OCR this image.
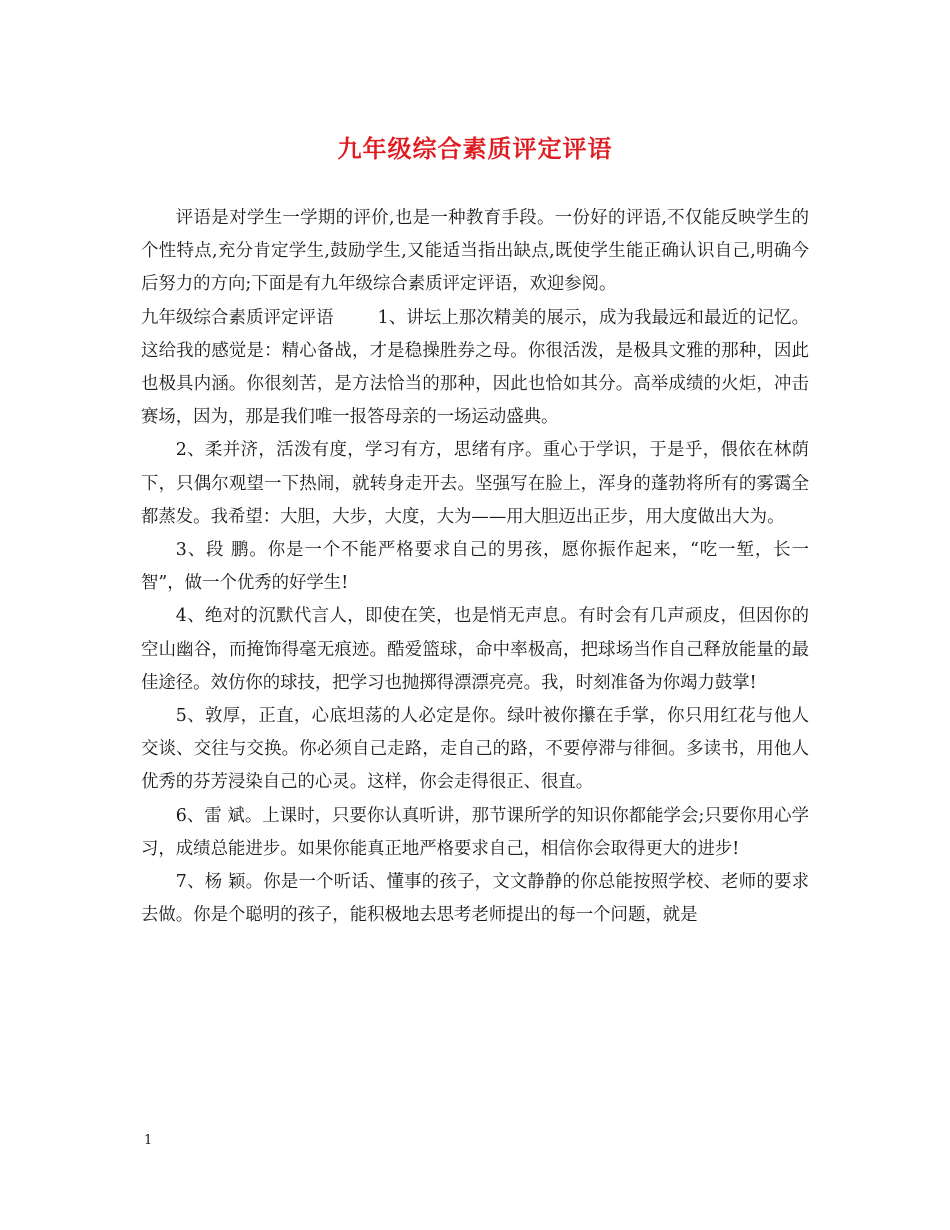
九年级综合素质评定评语

评语是对学生一学期的评价,也是一种教育手段。一份好的评语,不仅能反映学生的个性特点,充分肯定学生,鼓励学生,又能适当指出缺点,既使学生能正确认识自己,明确今后努力的方向;下面是有九年级综合素质评定评语，欢迎参阅。

九年级综合素质评定评语	1、讲坛上那次精美的展示，成为我最远和最近的记忆。这给我的感觉是：精心备战，才是稳操胜券之母。你很活泼，是极具文雅的那种，因此也极具内涵。你很刻苦，是方法恰当的那种，因此也恰如其分。高举成绩的火炬，冲击赛场，因为，那是我们唯一报答母亲的一场运动盛典。

2、柔并济，活泼有度，学习有方，思绪有序。重心于学识，于是乎，偎依在林荫下，只偶尔观望一下热闹，就转身走开去。坚强写在脸上，浑身的蓬勃将所有的雾霭全都蒸发。我希望：大胆，大步，大度，大为——用大胆迈出正步，用大度做出大为。

3、段 鹏。你是一个不能严格要求自己的男孩，愿你振作起来，“吃一堑，长一智”，做一个优秀的好学生!

4、绝对的沉默代言人，即使在笑，也是悄无声息。有时会有几声顽皮，但因你的空山幽谷，而掩饰得毫无痕迹。酷爱篮球，命中率极高，把球场当作自己释放能量的最佳途径。效仿你的球技，把学习也抛掷得漂漂亮亮。我，时刻准备为你竭力鼓掌!

5、敦厚，正直，心底坦荡的人必定是你。绿叶被你攥在手掌，你只用红花与他人交谈、交往与交换。你必须自己走路，走自己的路，不要停滞与徘徊。多读书，用他人优秀的芬芳浸染自己的心灵。这样，你会走得很正、很直。

6、雷 斌。上课时，只要你认真听讲，那节课所学的知识你都能学会;只要你用心学习，成绩总能进步。如果你能真正地严格要求自己，相信你会取得更大的进步!

7、杨 颖。你是一个听话、懂事的孩子，文文静静的你总能按照学校、老师的要求去做。你是个聪明的孩子，能积极地去思考老师提出的每一个问题，就是

1
